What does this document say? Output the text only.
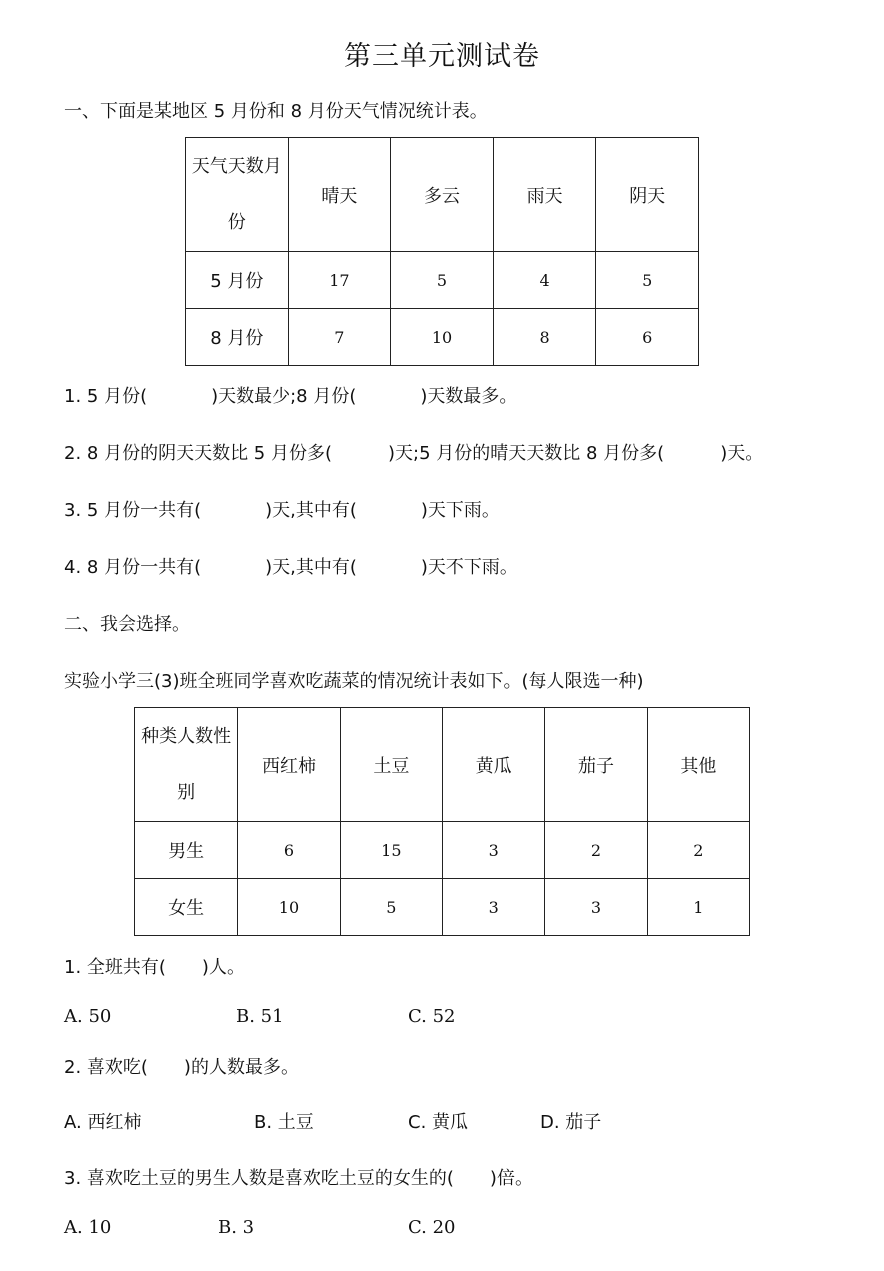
第三单元测试卷
一、下面是某地区 5 月份和 8 月份天气情况统计表。
天气天数月
份	晴天	多云	雨天	阴天
5 月份	17	5	4	5
8 月份	7	10	8	6
1. 5 月份(	)天数最少;8 月份(	)天数最多。
2. 8 月份的阴天天数比 5 月份多(	)天;5 月份的晴天天数比 8 月份多(	)天。
3. 5 月份一共有(	)天,其中有(	)天下雨。
4. 8 月份一共有(	)天,其中有(	)天不下雨。
二、我会选择。
实验小学三(3)班全班同学喜欢吃蔬菜的情况统计表如下。(每人限选一种)
种类人数性
别	西红柿	土豆	黄瓜	茄子	其他
男生	6	15	3	2	2
女生	10	5	3	3	1
1. 全班共有( )人。
A. 50	B. 51	C. 52
2. 喜欢吃( )的人数最多。
A. 西红柿	B. 土豆	C. 黄瓜	D. 茄子
3. 喜欢吃土豆的男生人数是喜欢吃土豆的女生的( )倍。
A. 10	B. 3	C. 20
